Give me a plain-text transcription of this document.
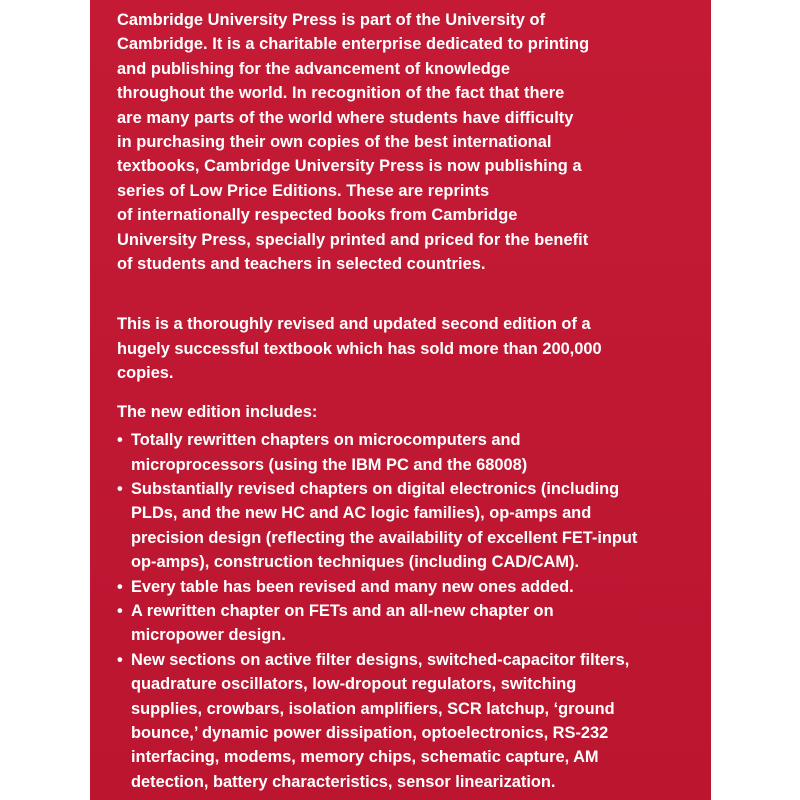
Cambridge University Press is part of the University of
Cambridge. It is a charitable enterprise dedicated to printing
and publishing for the advancement of knowledge
throughout the world. In recognition of the fact that there
are many parts of the world where students have difficulty
in purchasing their own copies of the best international
textbooks, Cambridge University Press is now publishing a
series of Low Price Editions. These are reprints
of internationally respected books from Cambridge
University Press, specially printed and priced for the benefit
of students and teachers in selected countries.

This is a thoroughly revised and updated second edition of a
hugely successful textbook which has sold more than 200,000
copies.

The new edition includes:

• Totally rewritten chapters on microcomputers and
microprocessors (using the IBM PC and the 68008)
• Substantially revised chapters on digital electronics (including
PLDs, and the new HC and AC logic families), op-amps and
precision design (reflecting the availability of excellent FET-input
op-amps), construction techniques (including CAD/CAM).
• Every table has been revised and many new ones added.
• A rewritten chapter on FETs and an all-new chapter on
micropower design.
• New sections on active filter designs, switched-capacitor filters,
quadrature oscillators, low-dropout regulators, switching
supplies, crowbars, isolation amplifiers, SCR latchup, ‘ground
bounce,’ dynamic power dissipation, optoelectronics, RS-232
interfacing, modems, memory chips, schematic capture, AM
detection, battery characteristics, sensor linearization.
